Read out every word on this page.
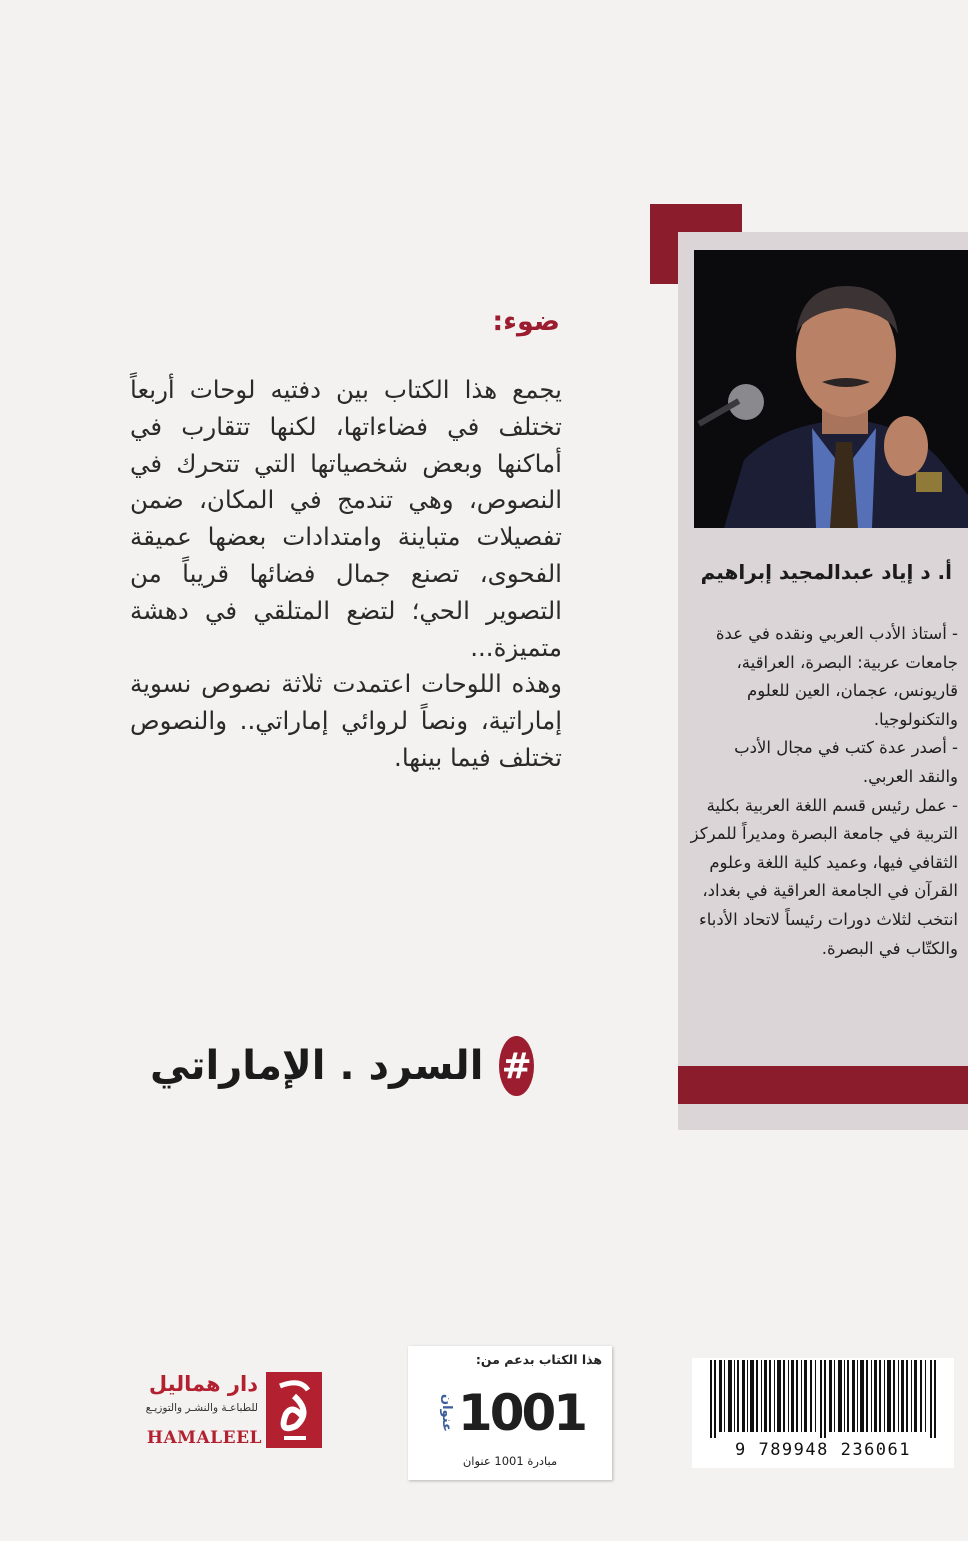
أ. د إياد عبدالمجيد إبراهيم

- أستاذ الأدب العربي ونقده في عدة جامعات عربية: البصرة، العراقية، قاريونس، عجمان، العين للعلوم والتكنولوجيا.

- أصدر عدة كتب في مجال الأدب والنقد العربي.

- عمل رئيس قسم اللغة العربية بكلية التربية في جامعة البصرة ومديراً للمركز الثقافي فيها، وعميد كلية اللغة وعلوم القرآن في الجامعة العراقية في بغداد، انتخب لثلاث دورات رئيساً لاتحاد الأدباء والكتّاب في البصرة.

ضوء:

يجمع هذا الكتاب بين دفتيه لوحات أربعاً تختلف في فضاءاتها، لكنها تتقارب في أماكنها وبعض شخصياتها التي تتحرك في النصوص، وهي تندمج في المكان، ضمن تفصيلات متباينة وامتدادات بعضها عميقة الفحوى، تصنع جمال فضائها قريباً من التصوير الحي؛ لتضع المتلقي في دهشة متميزة...

وهذه اللوحات اعتمدت ثلاثة نصوص نسوية إماراتية، ونصاً لروائي إماراتي.. والنصوص تختلف فيما بينها.

السرد . الإماراتي #
دار هماليل
للطباعـة والنشـر والتوزيـع
HAMALEEL
هذا الكتاب بدعم من:
عنوان 1001
مبادرة 1001 عنوان
9 789948 236061
